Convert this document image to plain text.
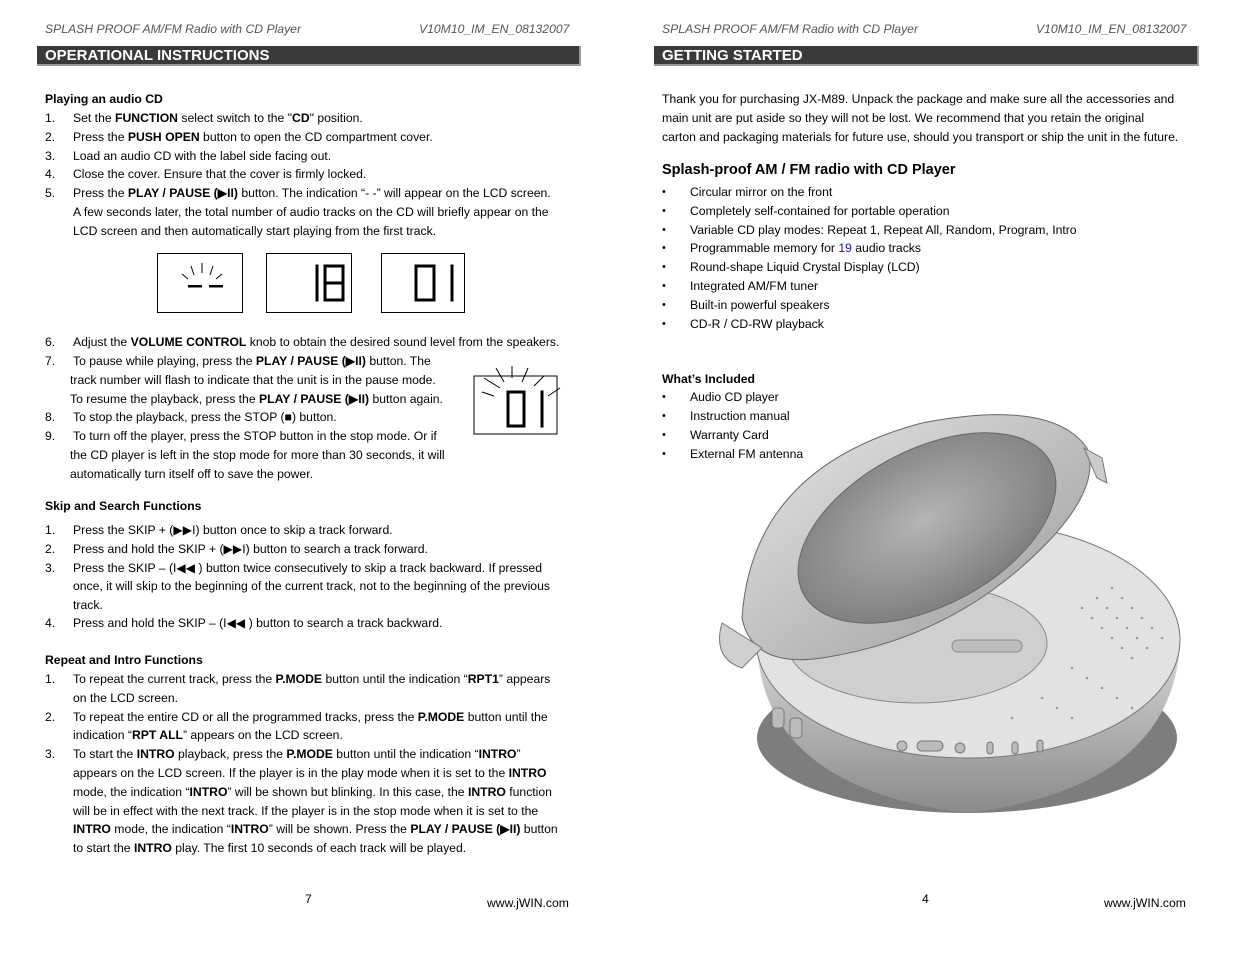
SPLASH PROOF AM/FM Radio with CD Player	V10M10_IM_EN_08132007
OPERATIONAL INSTRUCTIONS
Playing an audio CD
1. Set the FUNCTION select switch to the "CD" position.
2. Press the PUSH OPEN button to open the CD compartment cover.
3. Load an audio CD with the label side facing out.
4. Close the cover. Ensure that the cover is firmly locked.
5. Press the PLAY / PAUSE (▶II) button. The indication “- -” will appear on the LCD screen.
A few seconds later, the total number of audio tracks on the CD will briefly appear on the
LCD screen and then automatically start playing from the first track.
6. Adjust the VOLUME CONTROL knob to obtain the desired sound level from the speakers.
7. To pause while playing, press the PLAY / PAUSE (▶II) button. The
track number will flash to indicate that the unit is in the pause mode.
To resume the playback, press the PLAY / PAUSE (▶II) button again.
8. To stop the playback, press the STOP (■) button.
9. To turn off the player, press the STOP button in the stop mode. Or if
the CD player is left in the stop mode for more than 30 seconds, it will
automatically turn itself off to save the power.
Skip and Search Functions
1. Press the SKIP + (▶▶I) button once to skip a track forward.
2. Press and hold the SKIP + (▶▶I) button to search a track forward.
3. Press the SKIP – (I◀◀ ) button twice consecutively to skip a track backward. If pressed
once, it will skip to the beginning of the current track, not to the beginning of the previous
track.
4. Press and hold the SKIP – (I◀◀ ) button to search a track backward.
Repeat and Intro Functions
1. To repeat the current track, press the P.MODE button until the indication “RPT1” appears
on the LCD screen.
2. To repeat the entire CD or all the programmed tracks, press the P.MODE button until the
indication “RPT ALL” appears on the LCD screen.
3. To start the INTRO playback, press the P.MODE button until the indication “INTRO”
appears on the LCD screen. If the player is in the play mode when it is set to the INTRO
mode, the indication “INTRO” will be shown but blinking. In this case, the INTRO function
will be in effect with the next track. If the player is in the stop mode when it is set to the
INTRO mode, the indication “INTRO” will be shown. Press the PLAY / PAUSE (▶II) button
to start the INTRO play. The first 10 seconds of each track will be played.
7	www.jWIN.com
SPLASH PROOF AM/FM Radio with CD Player	V10M10_IM_EN_08132007
GETTING STARTED
Thank you for purchasing JX-M89. Unpack the package and make sure all the accessories and
main unit are put aside so they will not be lost. We recommend that you retain the original
carton and packaging materials for future use, should you transport or ship the unit in the future.
Splash-proof AM / FM radio with CD Player
• Circular mirror on the front
• Completely self-contained for portable operation
• Variable CD play modes: Repeat 1, Repeat All, Random, Program, Intro
• Programmable memory for 19 audio tracks
• Round-shape Liquid Crystal Display (LCD)
• Integrated AM/FM tuner
• Built-in powerful speakers
• CD-R / CD-RW playback
What’s Included
• Audio CD player
• Instruction manual
• Warranty Card
• External FM antenna
4	www.jWIN.com
